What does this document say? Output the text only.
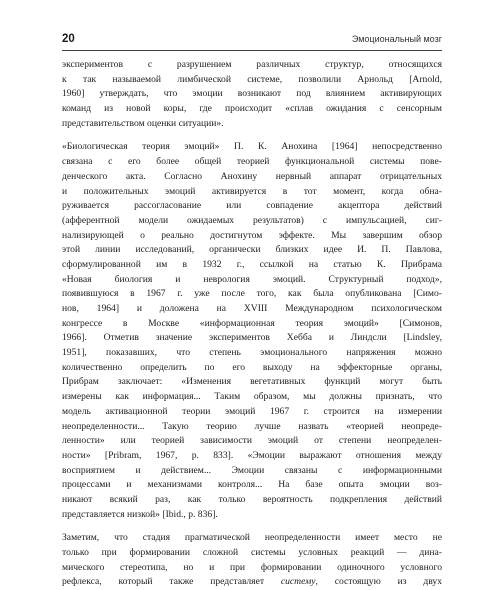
20	Эмоциональный мозг
экспериментов с разрушением различных структур, относящихся
к так называемой лимбической системе, позволили Арнольд [Arnold,
1960] утверждать, что эмоции возникают под влиянием активирующих
команд из новой коры, где происходит «сплав ожидания с сенсорным
представительством оценки ситуации».
«Биологическая теория эмоций» П. К. Анохина [1964] непосредственно
связана с его более общей теорией функциональной системы пове-
денческого акта. Согласно Анохину нервный аппарат отрицательных
и положительных эмоций активируется в тот момент, когда обна-
руживается рассогласование или совпадение акцептора действий
(афферентной модели ожидаемых результатов) с импульсацией, сиг-
нализирующей о реально достигнутом эффекте. Мы завершим обзор
этой линии исследований, органически близких идее И. П. Павлова,
сформулированной им в 1932 г., ссылкой на статью К. Прибрама
«Новая биология и неврология эмоций. Структурный подход»,
появившуюся в 1967 г. уже после того, как была опубликована [Симо-
нов, 1964] и доложена на XVIII Международном психологическом
конгрессе в Москве «информационная теория эмоций» [Симонов,
1966]. Отметив значение экспериментов Хебба и Линдсли [Lindsley,
1951], показавших, что степень эмоционального напряжения можно
количественно определить по его выходу на эффекторные органы,
Прибрам заключает: «Изменения вегетативных функций могут быть
измерены как информация... Таким образом, мы должны признать, что
модель активационной теории эмоций 1967 г. строится на измерении
неопределенности... Такую теорию лучше назвать «теорией неопреде-
ленности» или теорией зависимости эмоций от степени неопределен-
ности» [Pribram, 1967, p. 833]. «Эмоции выражают отношения между
восприятием и действием... Эмоции связаны с информационными
процессами и механизмами контроля... На базе опыта эмоции воз-
никают всякий раз, как только вероятность подкрепления действий
представляется низкой» [Ibid., p. 836].
Заметим, что стадия прагматической неопределенности имеет место не
только при формировании сложной системы условных реакций — дина-
мического стереотипа, но и при формировании одиночного условного
рефлекса, который также представляет систему, состоящую из двух
